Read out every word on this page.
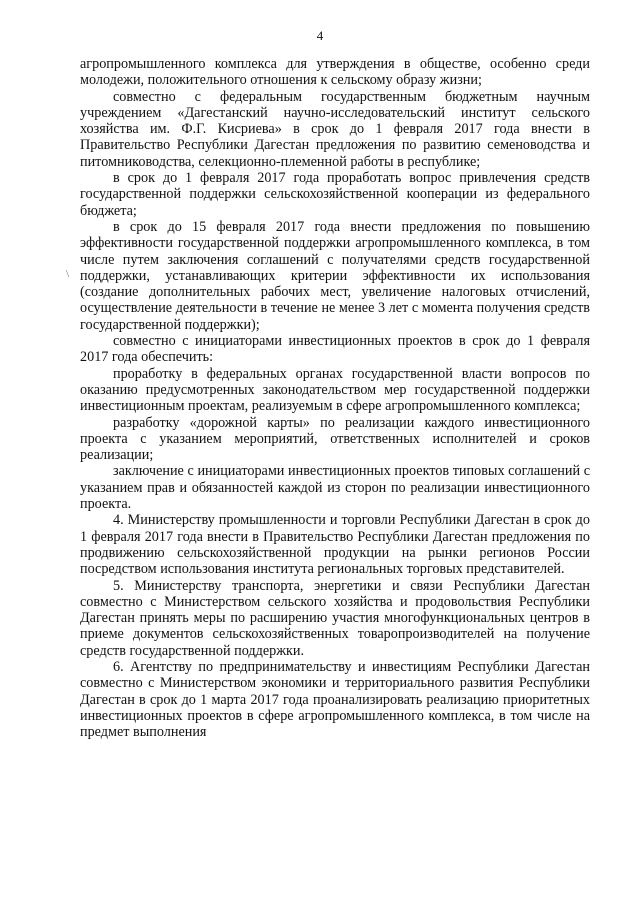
4

агропромышленного комплекса для утверждения в обществе, особенно среди молодежи, положительного отношения к сельскому образу жизни;

совместно с федеральным государственным бюджетным научным учреждением «Дагестанский научно-исследовательский институт сельского хозяйства им. Ф.Г. Кисриева» в срок до 1 февраля 2017 года внести в Правительство Республики Дагестан предложения по развитию семеноводства и питомниководства, селекционно-племенной работы в республике;

в срок до 1 февраля 2017 года проработать вопрос привлечения средств государственной поддержки сельскохозяйственной кооперации из федерального бюджета;

в срок до 15 февраля 2017 года внести предложения по повышению эффективности государственной поддержки агропромышленного комплекса, в том числе путем заключения соглашений с получателями средств государственной поддержки, устанавливающих критерии эффективности их использования (создание дополнительных рабочих мест, увеличение налоговых отчислений, осуществление деятельности в течение не менее 3 лет с момента получения средств государственной поддержки);

совместно с инициаторами инвестиционных проектов в срок до 1 февраля 2017 года обеспечить:

проработку в федеральных органах государственной власти вопросов по оказанию предусмотренных законодательством мер государственной поддержки инвестиционным проектам, реализуемым в сфере агропромышленного комплекса;

разработку «дорожной карты» по реализации каждого инвестиционного проекта с указанием мероприятий, ответственных исполнителей и сроков реализации;

заключение с инициаторами инвестиционных проектов типовых соглашений с указанием прав и обязанностей каждой из сторон по реализации инвестиционного проекта.

4. Министерству промышленности и торговли Республики Дагестан в срок до 1 февраля 2017 года внести в Правительство Республики Дагестан предложения по продвижению сельскохозяйственной продукции на рынки регионов России посредством использования института региональных торговых представителей.

5. Министерству транспорта, энергетики и связи Республики Дагестан совместно с Министерством сельского хозяйства и продовольствия Республики Дагестан принять меры по расширению участия многофункциональных центров в приеме документов сельскохозяйственных товаропроизводителей на получение средств государственной поддержки.

6. Агентству по предпринимательству и инвестициям Республики Дагестан совместно с Министерством экономики и территориального развития Республики Дагестан в срок до 1 марта 2017 года проанализировать реализацию приоритетных инвестиционных проектов в сфере агропромышленного комплекса, в том числе на предмет выполнения

\
